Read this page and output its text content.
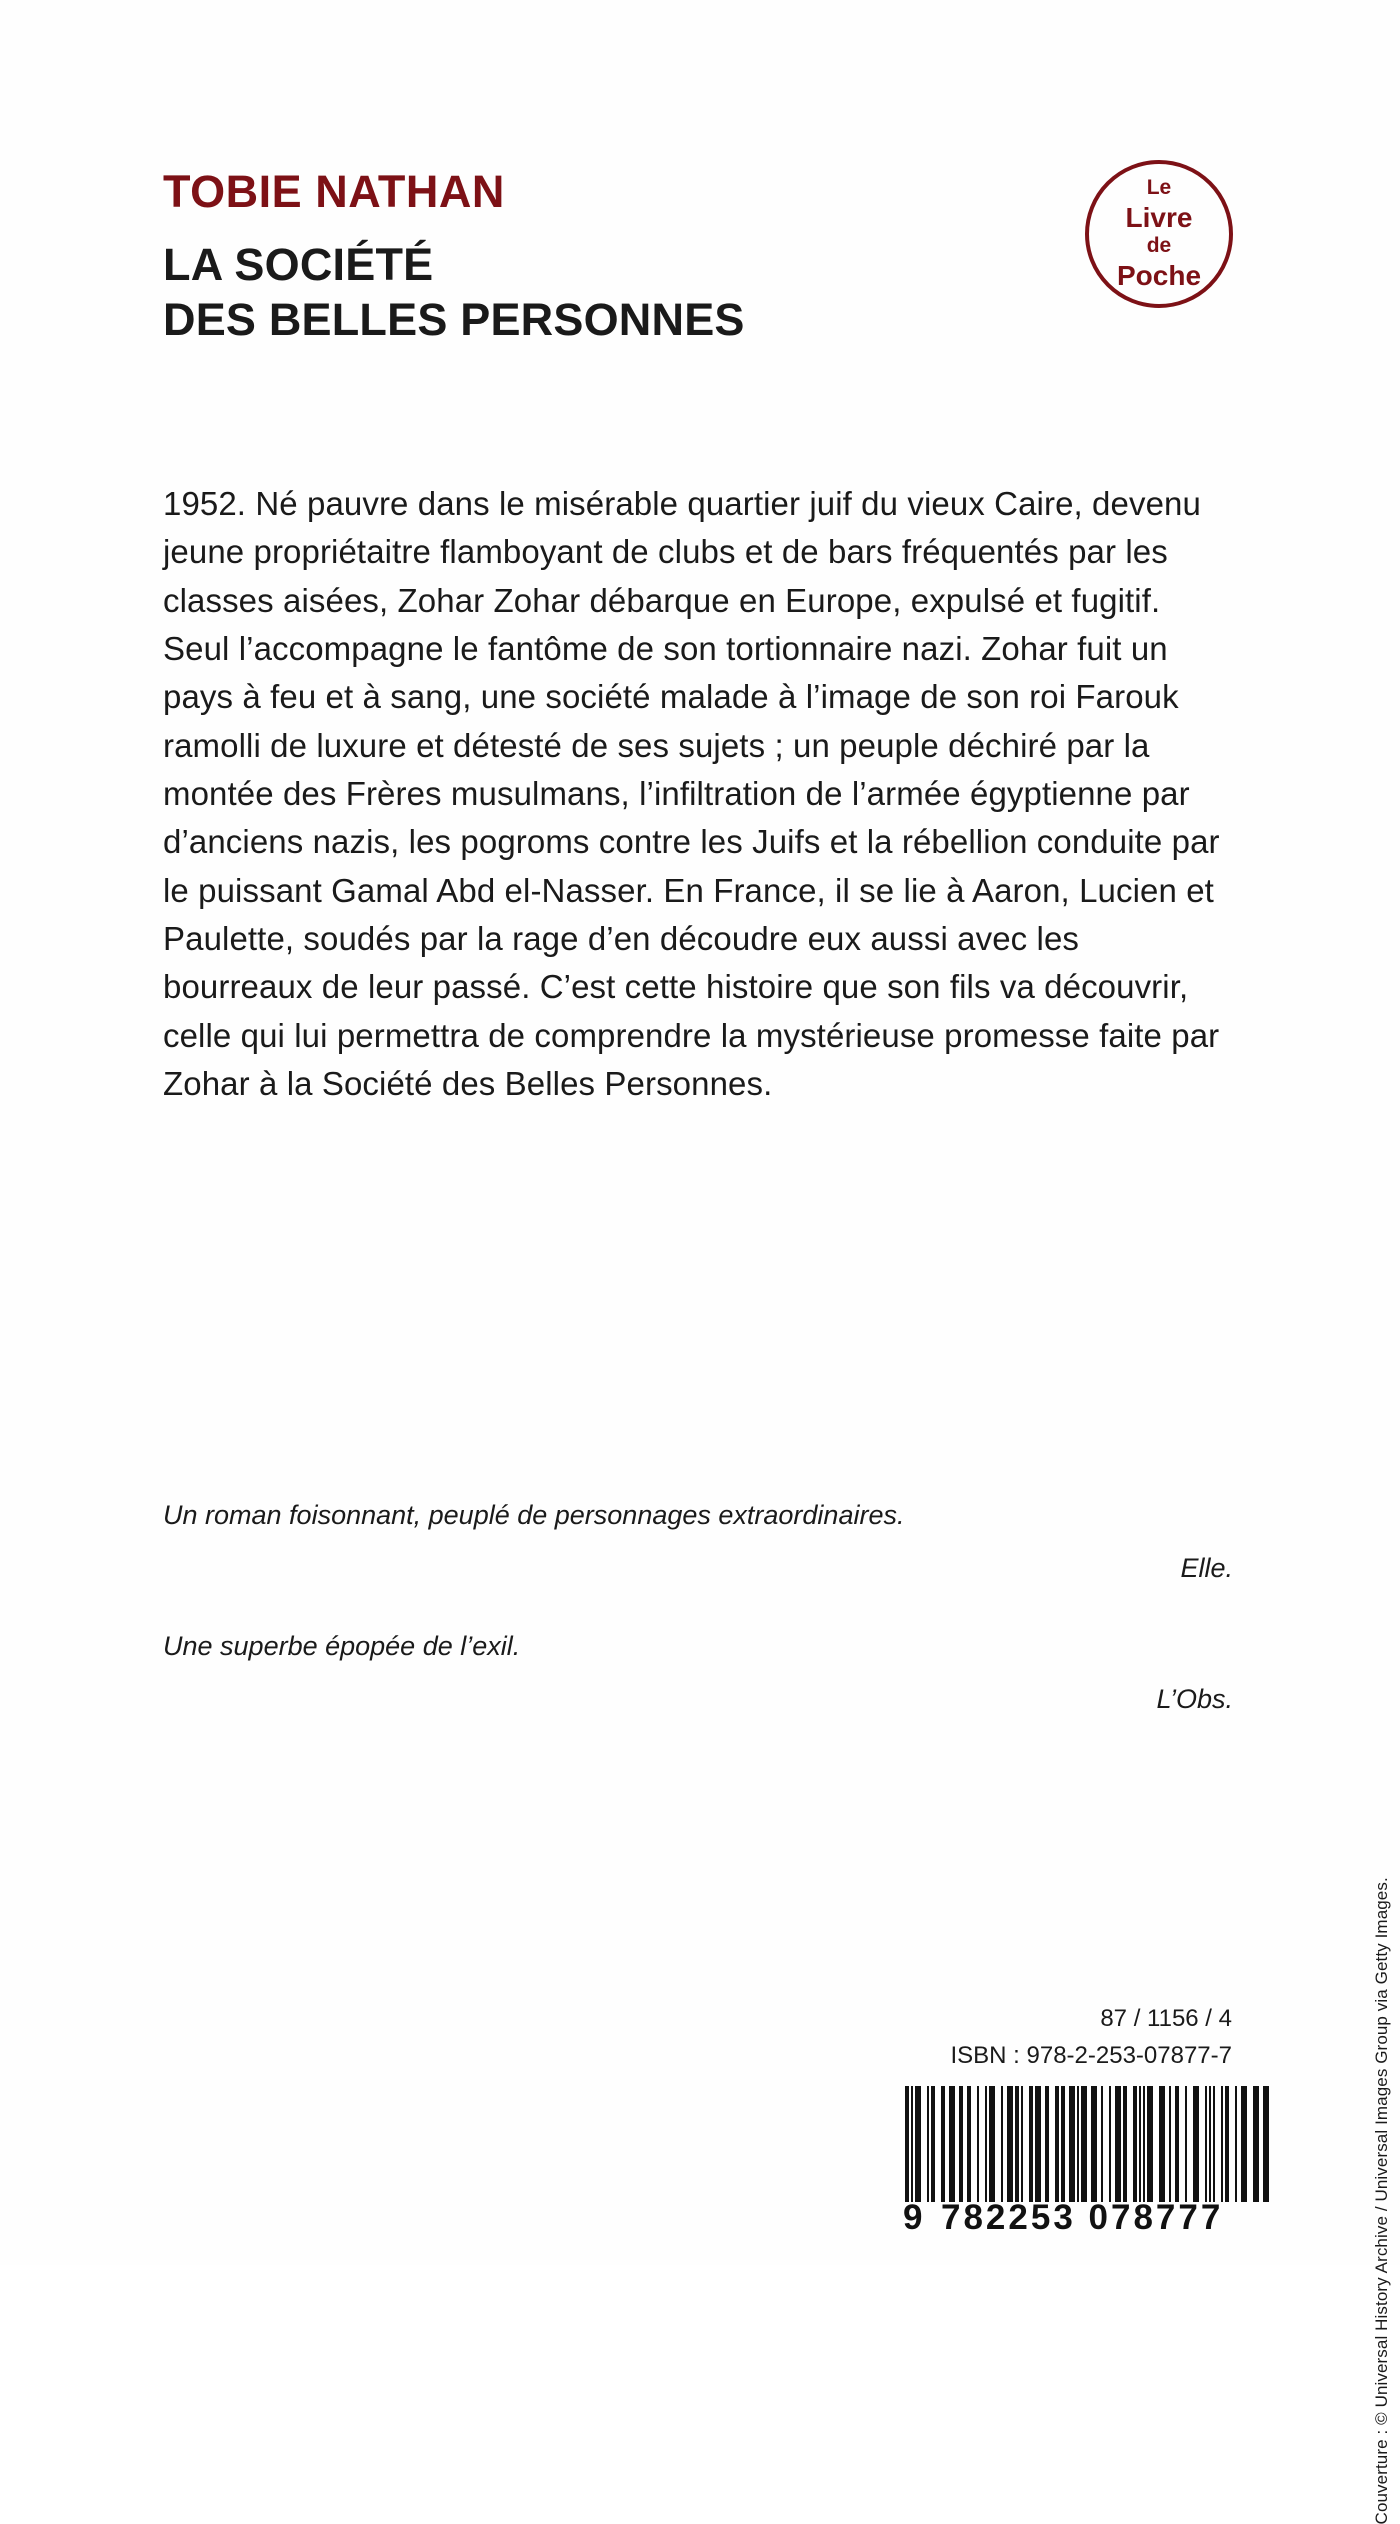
TOBIE NATHAN
LA SOCIÉTÉ
DES BELLES PERSONNES
Le
Livre
de
Poche

1952. Né pauvre dans le misérable quartier juif du vieux Caire, devenu jeune propriétaitre flamboyant de clubs et de bars fréquentés par les classes aisées, Zohar Zohar débarque en Europe, expulsé et fugitif. Seul l’accompagne le fantôme de son tortionnaire nazi. Zohar fuit un pays à feu et à sang, une société malade à l’image de son roi Farouk ramolli de luxure et détesté de ses sujets ; un peuple déchiré par la montée des Frères musulmans, l’infiltration de l’armée égyptienne par d’anciens nazis, les pogroms contre les Juifs et la rébellion conduite par le puissant Gamal Abd el-Nasser. En France, il se lie à Aaron, Lucien et Paulette, soudés par la rage d’en découdre eux aussi avec les bourreaux de leur passé. C’est cette histoire que son fils va découvrir, celle qui lui permettra de comprendre la mystérieuse promesse faite par Zohar à la Société des Belles Personnes.

Un roman foisonnant, peuplé de personnages extraordinaires.
Elle.
Une superbe épopée de l’exil.
L’Obs.
Couverture : © Universal History Archive / Universal Images Group via Getty Images.
87 / 1156 / 4
ISBN : 978-2-253-07877-7
9 782253 078777
